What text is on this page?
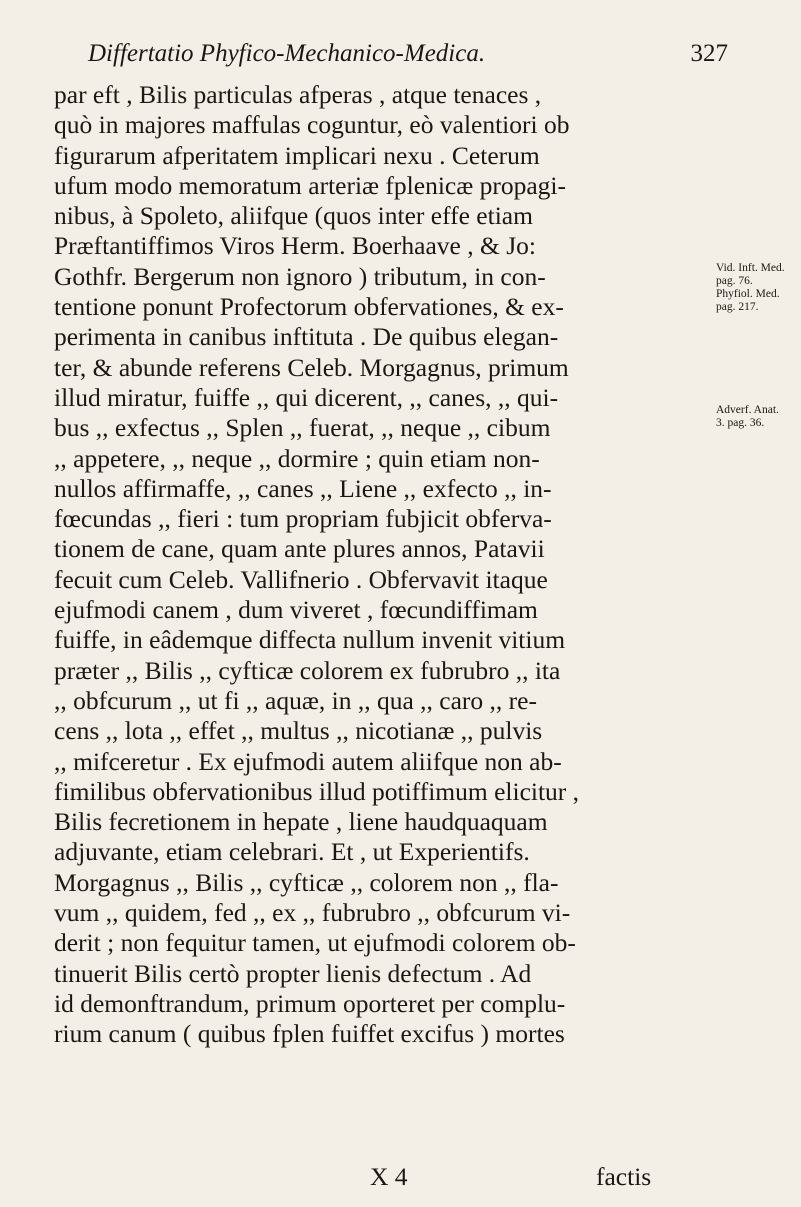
Differtatio Phyfico-Mechanico-Medica.	327
par eft , Bilis particulas afperas , atque tenaces ,
quò in majores maffulas coguntur, eò valentiori ob
figurarum afperitatem implicari nexu . Ceterum
ufum modo memoratum arteriæ fplenicæ propagi-
nibus, à Spoleto, aliifque (quos inter effe etiam
Præftantiffimos Viros Herm. Boerhaave , & Jo:
Gothfr. Bergerum non ignoro ) tributum, in con-
tentione ponunt Profectorum obfervationes, & ex-
perimenta in canibus inftituta . De quibus elegan-
ter, & abunde referens Celeb. Morgagnus, primum
illud miratur, fuiffe ,, qui dicerent, ,, canes, ,, qui-
bus ,, exfectus ,, Splen ,, fuerat, ,, neque ,, cibum
,, appetere, ,, neque ,, dormire ; quin etiam non-
nullos affirmaffe, ,, canes ,, Liene ,, exfecto ,, in-
fœcundas ,, fieri : tum propriam fubjicit obferva-
tionem de cane, quam ante plures annos, Patavii
fecuit cum Celeb. Vallifnerio . Obfervavit itaque
ejufmodi canem , dum viveret , fœcundiffimam
fuiffe, in eâdemque diffecta nullum invenit vitium
præter ,, Bilis ,, cyfticæ colorem ex fubrubro ,, ita
,, obfcurum ,, ut fi ,, aquæ, in ,, qua ,, caro ,, re-
cens ,, lota ,, effet ,, multus ,, nicotianæ ,, pulvis
,, mifceretur . Ex ejufmodi autem aliifque non ab-
fimilibus obfervationibus illud potiffimum elicitur ,
Bilis fecretionem in hepate , liene haudquaquam
adjuvante, etiam celebrari. Et , ut Experientifs.
Morgagnus ,, Bilis ,, cyfticæ ,, colorem non ,, fla-
vum ,, quidem, fed ,, ex ,, fubrubro ,, obfcurum vi-
derit ; non fequitur tamen, ut ejufmodi colorem ob-
tinuerit Bilis certò propter lienis defectum . Ad
id demonftrandum, primum oporteret per complu-
rium canum ( quibus fplen fuiffet excifus ) mortes
Vid. Inft. Med.
pag. 76.
Phyfiol. Med.
pag. 217.
Adverf. Anat.
3. pag. 36.
X 4	factis
